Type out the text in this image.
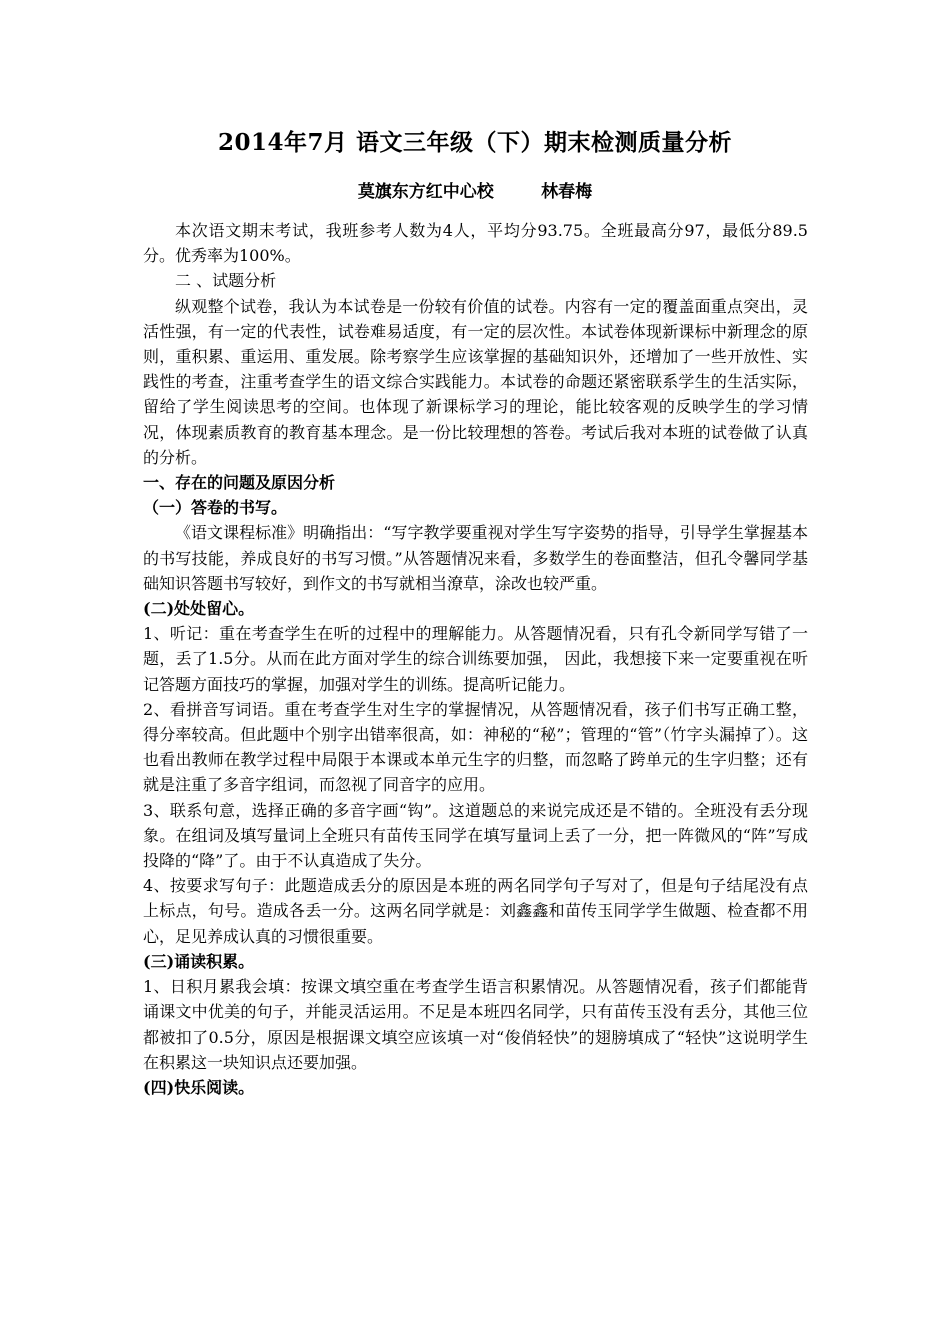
2014年7月 语文三年级（下）期末检测质量分析
莫旗东方红中心校        林春梅

本次语文期末考试，我班参考人数为4人，平均分93.75。全班最高分97，最低分89.5分。优秀率为100%。

二 、试题分析

纵观整个试卷，我认为本试卷是一份较有价值的试卷。内容有一定的覆盖面重点突出，灵活性强，有一定的代表性，试卷难易适度，有一定的层次性。本试卷体现新课标中新理念的原则，重积累、重运用、重发展。除考察学生应该掌握的基础知识外，还增加了一些开放性、实践性的考查，注重考查学生的语文综合实践能力。本试卷的命题还紧密联系学生的生活实际，留给了学生阅读思考的空间。也体现了新课标学习的理论，能比较客观的反映学生的学习情况，体现素质教育的教育基本理念。是一份比较理想的答卷。考试后我对本班的试卷做了认真的分析。

一、存在的问题及原因分析

（一）答卷的书写。

《语文课程标准》明确指出：“写字教学要重视对学生写字姿势的指导，引导学生掌握基本的书写技能，养成良好的书写习惯。”从答题情况来看，多数学生的卷面整洁，但孔令馨同学基础知识答题书写较好，到作文的书写就相当潦草，涂改也较严重。

(二)处处留心。

1、听记：重在考查学生在听的过程中的理解能力。从答题情况看，只有孔令新同学写错了一题，丢了1.5分。从而在此方面对学生的综合训练要加强， 因此，我想接下来一定要重视在听记答题方面技巧的掌握，加强对学生的训练。提高听记能力。

2、看拼音写词语。重在考查学生对生字的掌握情况，从答题情况看，孩子们书写正确工整，得分率较高。但此题中个别字出错率很高，如：神秘的“秘”；管理的“管”（竹字头漏掉了）。这也看出教师在教学过程中局限于本课或本单元生字的归整，而忽略了跨单元的生字归整；还有就是注重了多音字组词，而忽视了同音字的应用。

3、联系句意，选择正确的多音字画“钩”。这道题总的来说完成还是不错的。全班没有丢分现象。在组词及填写量词上全班只有苗传玉同学在填写量词上丢了一分，把一阵微风的“阵”写成投降的“降”了。由于不认真造成了失分。

4、按要求写句子：此题造成丢分的原因是本班的两名同学句子写对了，但是句子结尾没有点上标点，句号。造成各丢一分。这两名同学就是：刘鑫鑫和苗传玉同学学生做题、检查都不用心，足见养成认真的习惯很重要。

(三)诵读积累。

1、日积月累我会填：按课文填空重在考查学生语言积累情况。从答题情况看，孩子们都能背诵课文中优美的句子，并能灵活运用。不足是本班四名同学，只有苗传玉没有丢分，其他三位都被扣了0.5分，原因是根据课文填空应该填一对“俊俏轻快”的翅膀填成了“轻快”这说明学生在积累这一块知识点还要加强。

(四)快乐阅读。
